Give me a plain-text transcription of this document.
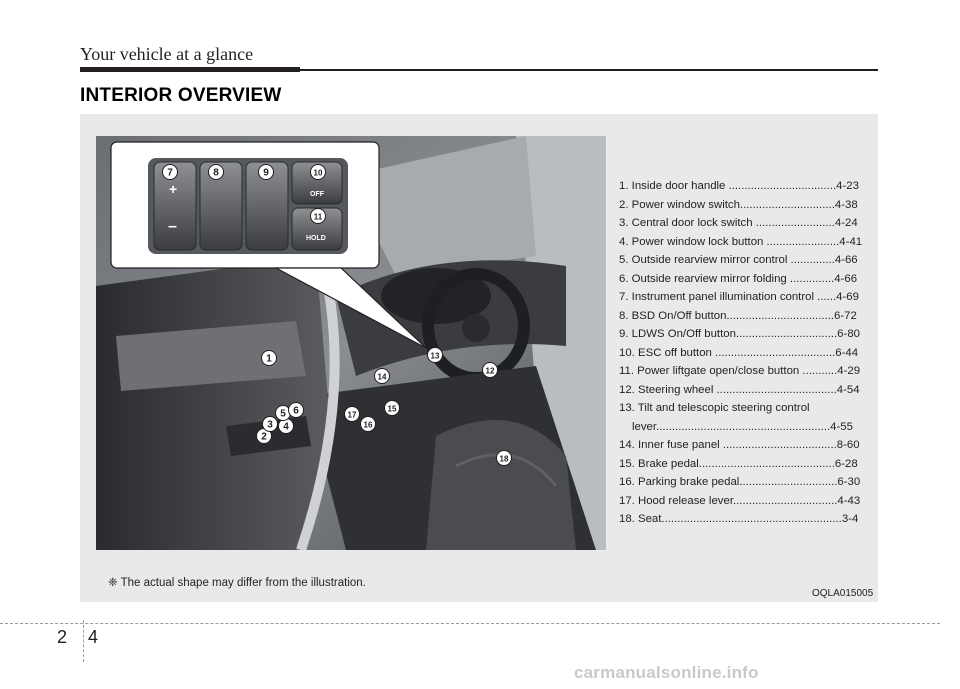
Your vehicle at a glance
INTERIOR OVERVIEW
+
–
OFF
HOLD
7	8	9	10
11
1
2
3 4
5 6
12
13
14
15
16
17
18
1. Inside door handle ..................................4-23
2. Power window switch..............................4-38
3. Central door lock switch .........................4-24
4. Power window lock button .......................4-41
5. Outside rearview mirror control ..............4-66
6. Outside rearview mirror folding ..............4-66
7. Instrument panel illumination control ......4-69
8. BSD On/Off button..................................6-72
9. LDWS On/Off button................................6-80
10. ESC off button ......................................6-44
11. Power liftgate open/close button ...........4-29
12. Steering wheel ......................................4-54
13. Tilt and telescopic steering control
lever.......................................................4-55
14. Inner fuse panel ....................................8-60
15. Brake pedal...........................................6-28
16. Parking brake pedal...............................6-30
17. Hood release lever.................................4-43
18. Seat.........................................................3-4
❈ The actual shape may differ from the illustration.
OQLA015005
2 4
carmanualsonline.info
